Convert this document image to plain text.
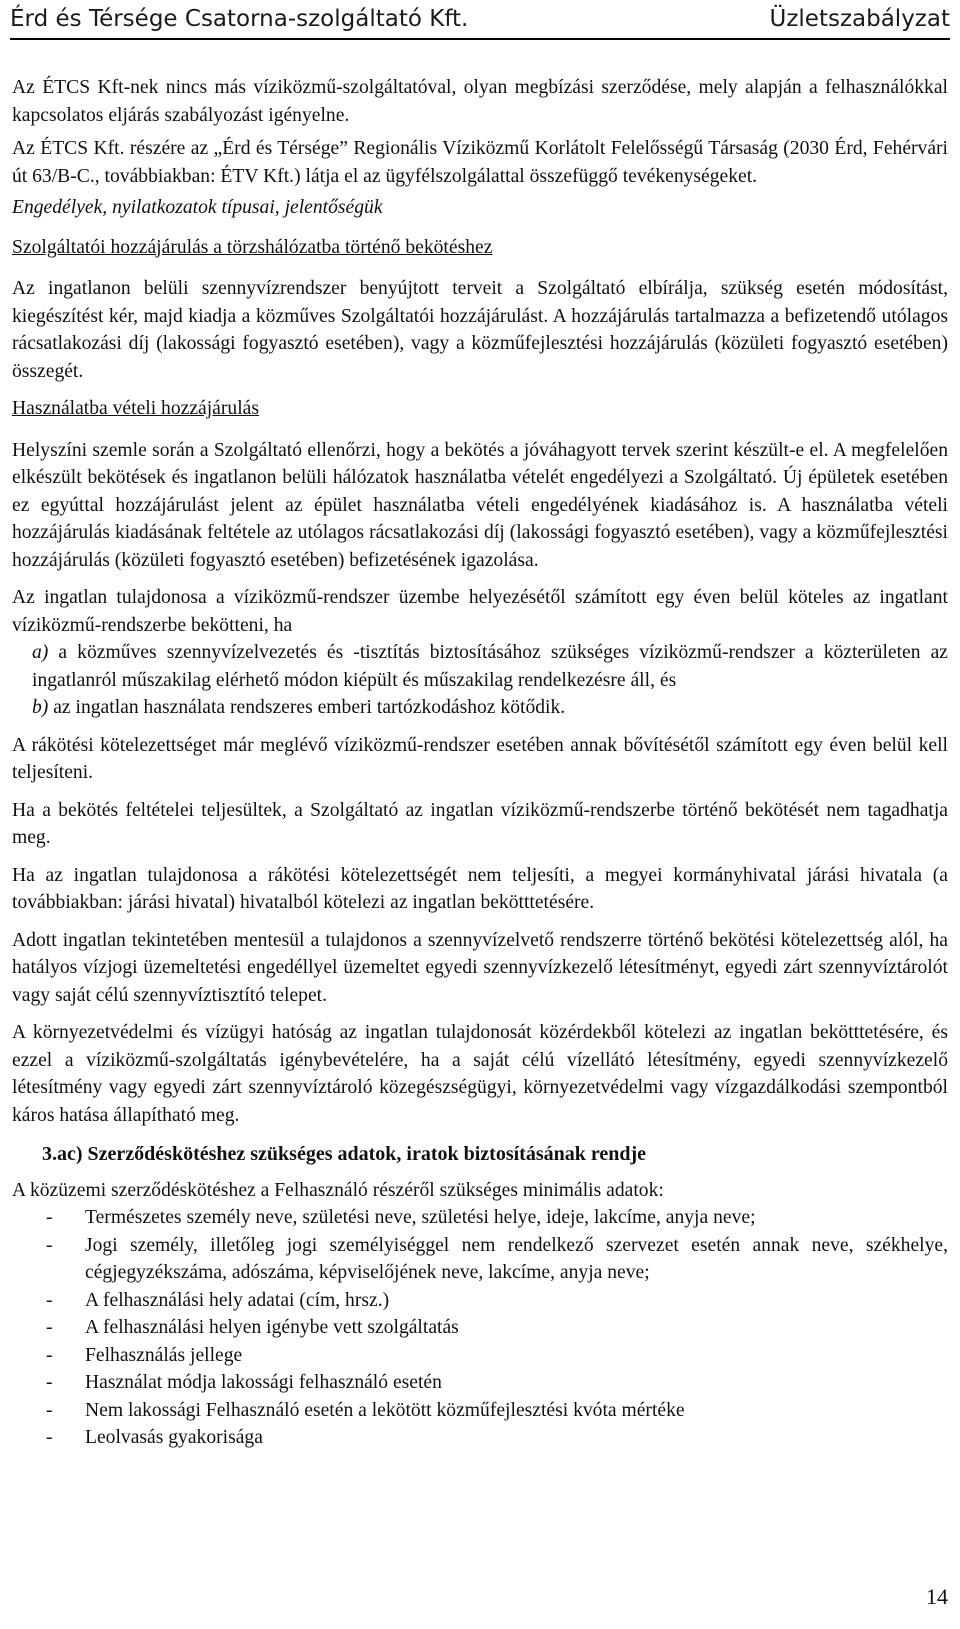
Érd és Térsége Csatorna-szolgáltató Kft.	Üzletszabályzat

Az ÉTCS Kft-nek nincs más víziközmű-szolgáltatóval, olyan megbízási szerződése, mely alapján a felhasználókkal kapcsolatos eljárás szabályozást igényelne.

Az ÉTCS Kft. részére az „Érd és Térsége” Regionális Víziközmű Korlátolt Felelősségű Társaság (2030 Érd, Fehérvári út 63/B-C., továbbiakban: ÉTV Kft.) látja el az ügyfélszolgálattal összefüggő tevékenységeket.

Engedélyek, nyilatkozatok típusai, jelentőségük

Szolgáltatói hozzájárulás a törzshálózatba történő bekötéshez

Az ingatlanon belüli szennyvízrendszer benyújtott terveit a Szolgáltató elbírálja, szükség esetén módosítást, kiegészítést kér, majd kiadja a közműves Szolgáltatói hozzájárulást. A hozzájárulás tartalmazza a befizetendő utólagos rácsatlakozási díj (lakossági fogyasztó esetében), vagy a közműfejlesztési hozzájárulás (közületi fogyasztó esetében) összegét.

Használatba vételi hozzájárulás

Helyszíni szemle során a Szolgáltató ellenőrzi, hogy a bekötés a jóváhagyott tervek szerint készült-e el. A megfelelően elkészült bekötések és ingatlanon belüli hálózatok használatba vételét engedélyezi a Szolgáltató. Új épületek esetében ez egyúttal hozzájárulást jelent az épület használatba vételi engedélyének kiadásához is. A használatba vételi hozzájárulás kiadásának feltétele az utólagos rácsatlakozási díj (lakossági fogyasztó esetében), vagy a közműfejlesztési hozzájárulás (közületi fogyasztó esetében) befizetésének igazolása.

Az ingatlan tulajdonosa a víziközmű-rendszer üzembe helyezésétől számított egy éven belül köteles az ingatlant víziközmű-rendszerbe bekötteni, ha

a) a közműves szennyvízelvezetés és -tisztítás biztosításához szükséges víziközmű-rendszer a közterületen az ingatlanról műszakilag elérhető módon kiépült és műszakilag rendelkezésre áll, és

b) az ingatlan használata rendszeres emberi tartózkodáshoz kötődik.

A rákötési kötelezettséget már meglévő víziközmű-rendszer esetében annak bővítésétől számított egy éven belül kell teljesíteni.

Ha a bekötés feltételei teljesültek, a Szolgáltató az ingatlan víziközmű-rendszerbe történő bekötését nem tagadhatja meg.

Ha az ingatlan tulajdonosa a rákötési kötelezettségét nem teljesíti, a megyei kormányhivatal járási hivatala (a továbbiakban: járási hivatal) hivatalból kötelezi az ingatlan bekötttetésére.

Adott ingatlan tekintetében mentesül a tulajdonos a szennyvízelvető rendszerre történő bekötési kötelezettség alól, ha hatályos vízjogi üzemeltetési engedéllyel üzemeltet egyedi szennyvízkezelő létesítményt, egyedi zárt szennyvíztárolót vagy saját célú szennyvíztisztító telepet.

A környezetvédelmi és vízügyi hatóság az ingatlan tulajdonosát közérdekből kötelezi az ingatlan bekötttetésére, és ezzel a víziközmű-szolgáltatás igénybevételére, ha a saját célú vízellátó létesítmény, egyedi szennyvízkezelő létesítmény vagy egyedi zárt szennyvíztároló közegészségügyi, környezetvédelmi vagy vízgazdálkodási szempontból káros hatása állapítható meg.

3.ac) Szerződéskötéshez szükséges adatok, iratok biztosításának rendje

A közüzemi szerződéskötéshez a Felhasználó részéről szükséges minimális adatok:

- Természetes személy neve, születési neve, születési helye, ideje, lakcíme, anyja neve;
- Jogi személy, illetőleg jogi személyiséggel nem rendelkező szervezet esetén annak neve, székhelye, cégjegyzékszáma, adószáma, képviselőjének neve, lakcíme, anyja neve;
- A felhasználási hely adatai (cím, hrsz.)
- A felhasználási helyen igénybe vett szolgáltatás
- Felhasználás jellege
- Használat módja lakossági felhasználó esetén
- Nem lakossági Felhasználó esetén a lekötött közműfejlesztési kvóta mértéke
- Leolvasás gyakorisága
14
